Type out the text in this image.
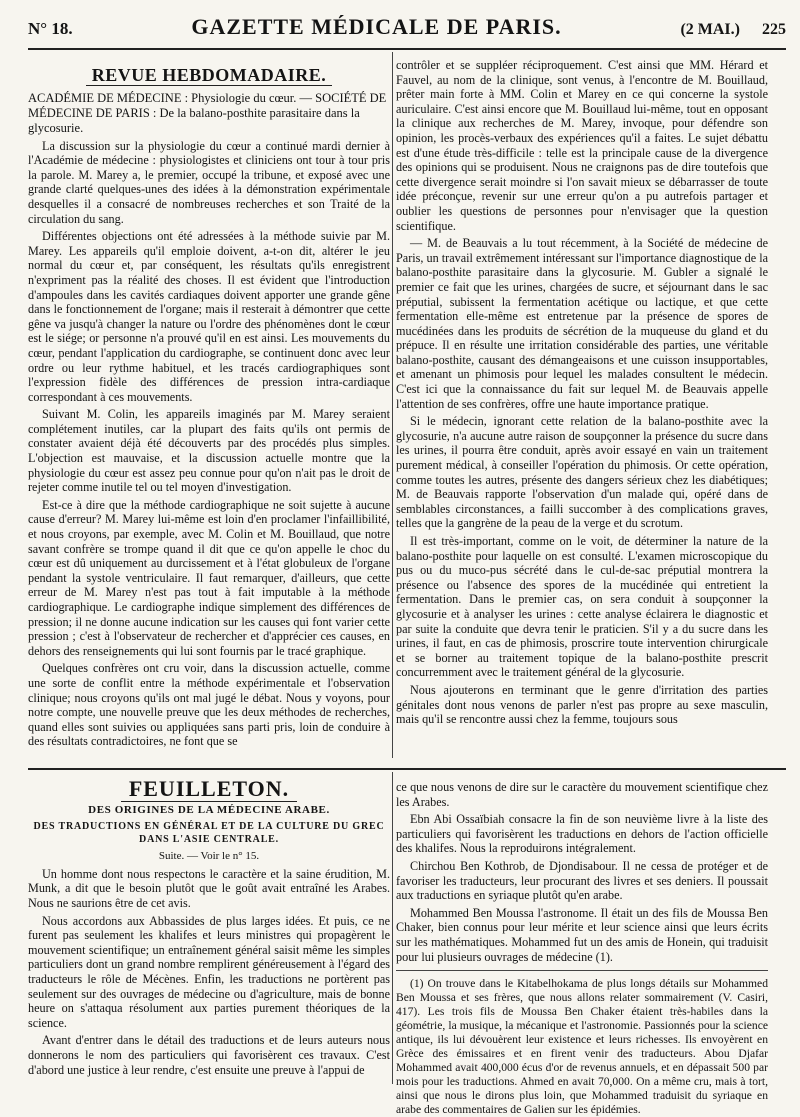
N° 18.	GAZETTE MÉDICALE DE PARIS.	(2 MAI.) 225
REVUE HEBDOMADAIRE.

ACADÉMIE DE MÉDECINE : Physiologie du cœur. — SOCIÉTÉ DE MÉDECINE DE PARIS : De la balano-posthite parasitaire dans la glycosurie.

La discussion sur la physiologie du cœur a continué mardi dernier à l'Académie de médecine : physiologistes et cliniciens ont tour à tour pris la parole. M. Marey a, le premier, occupé la tribune, et exposé avec une grande clarté quelques-unes des idées à la démonstration expérimentale desquelles il a consacré de nombreuses recherches et son Traité de la circulation du sang.

Différentes objections ont été adressées à la méthode suivie par M. Marey. Les appareils qu'il emploie doivent, a-t-on dit, altérer le jeu normal du cœur et, par conséquent, les résultats qu'ils enregistrent n'expriment pas la réalité des choses. Il est évident que l'introduction d'ampoules dans les cavités cardiaques doivent apporter une grande gêne dans le fonctionnement de l'organe; mais il resterait à démontrer que cette gêne va jusqu'à changer la nature ou l'ordre des phénomènes dont le cœur est le siége; or personne n'a prouvé qu'il en est ainsi. Les mouvements du cœur, pendant l'application du cardiographe, se continuent donc avec leur ordre ou leur rythme habituel, et les tracés cardiographiques sont l'expression fidèle des différences de pression intra-cardiaque correspondant à ces mouvements.

Suivant M. Colin, les appareils imaginés par M. Marey seraient complétement inutiles, car la plupart des faits qu'ils ont permis de constater avaient déjà été découverts par des procédés plus simples. L'objection est mauvaise, et la discussion actuelle montre que la physiologie du cœur est assez peu connue pour qu'on n'ait pas le droit de rejeter comme inutile tel ou tel moyen d'investigation.

Est-ce à dire que la méthode cardiographique ne soit sujette à aucune cause d'erreur? M. Marey lui-même est loin d'en proclamer l'infaillibilité, et nous croyons, par exemple, avec M. Colin et M. Bouillaud, que notre savant confrère se trompe quand il dit que ce qu'on appelle le choc du cœur est dû uniquement au durcissement et à l'état globuleux de l'organe pendant la systole ventriculaire. Il faut remarquer, d'ailleurs, que cette erreur de M. Marey n'est pas tout à fait imputable à la méthode cardiographique. Le cardiographe indique simplement des différences de pression; il ne donne aucune indication sur les causes qui font varier cette pression ; c'est à l'observateur de rechercher et d'apprécier ces causes, en dehors des renseignements qui lui sont fournis par le tracé graphique.

Quelques confrères ont cru voir, dans la discussion actuelle, comme une sorte de conflit entre la méthode expérimentale et l'observation clinique; nous croyons qu'ils ont mal jugé le débat. Nous y voyons, pour notre compte, une nouvelle preuve que les deux méthodes de recherches, quand elles sont suivies ou appliquées sans parti pris, loin de conduire à des résultats contradictoires, ne font que se

contrôler et se suppléer réciproquement. C'est ainsi que MM. Hérard et Fauvel, au nom de la clinique, sont venus, à l'encontre de M. Bouillaud, prêter main forte à MM. Colin et Marey en ce qui concerne la systole auriculaire. C'est ainsi encore que M. Bouillaud lui-même, tout en opposant la clinique aux recherches de M. Marey, invoque, pour défendre son opinion, les procès-verbaux des expériences qu'il a faites. Le sujet débattu est d'une étude très-difficile : telle est la principale cause de la divergence des opinions qui se produisent. Nous ne craignons pas de dire toutefois que cette divergence serait moindre si l'on savait mieux se débarrasser de toute idée préconçue, revenir sur une erreur qu'on a pu autrefois partager et oublier les questions de personnes pour n'envisager que la question scientifique.

— M. de Beauvais a lu tout récemment, à la Société de médecine de Paris, un travail extrêmement intéressant sur l'importance diagnostique de la balano-posthite parasitaire dans la glycosurie. M. Gubler a signalé le premier ce fait que les urines, chargées de sucre, et séjournant dans le sac préputial, subissent la fermentation acétique ou lactique, et que cette fermentation elle-même est entretenue par la présence de spores de mucédinées dans les produits de sécrétion de la muqueuse du gland et du prépuce. Il en résulte une irritation considérable des parties, une véritable balano-posthite, causant des démangeaisons et une cuisson insupportables, et amenant un phimosis pour lequel les malades consultent le médecin. C'est ici que la connaissance du fait sur lequel M. de Beauvais appelle l'attention de ses confrères, offre une haute importance pratique.

Si le médecin, ignorant cette relation de la balano-posthite avec la glycosurie, n'a aucune autre raison de soupçonner la présence du sucre dans les urines, il pourra être conduit, après avoir essayé en vain un traitement purement médical, à conseiller l'opération du phimosis. Or cette opération, comme toutes les autres, présente des dangers sérieux chez les diabétiques; M. de Beauvais rapporte l'observation d'un malade qui, opéré dans de semblables circonstances, a failli succomber à des complications graves, telles que la gangrène de la peau de la verge et du scrotum.

Il est très-important, comme on le voit, de déterminer la nature de la balano-posthite pour laquelle on est consulté. L'examen microscopique du pus ou du muco-pus sécrété dans le cul-de-sac préputial montrera la présence ou l'absence des spores de la mucédinée qui entretient la fermentation. Dans le premier cas, on sera conduit à soupçonner la glycosurie et à analyser les urines : cette analyse éclairera le diagnostic et par suite la conduite que devra tenir le praticien. S'il y a du sucre dans les urines, il faut, en cas de phimosis, proscrire toute intervention chirurgicale et se borner au traitement topique de la balano-posthite prescrit concurremment avec le traitement général de la glycosurie.

Nous ajouterons en terminant que le genre d'irritation des parties génitales dont nous venons de parler n'est pas propre au sexe masculin, mais qu'il se rencontre aussi chez la femme, toujours sous

FEUILLETON.

DES ORIGINES DE LA MÉDECINE ARABE.

DES TRADUCTIONS EN GÉNÉRAL ET DE LA CULTURE DU GREC DANS L'ASIE CENTRALE.

Suite. — Voir le n° 15.

Un homme dont nous respectons le caractère et la saine érudition, M. Munk, a dit que le besoin plutôt que le goût avait entraîné les Arabes. Nous ne saurions être de cet avis.

Nous accordons aux Abbassides de plus larges idées. Et puis, ce ne furent pas seulement les khalifes et leurs ministres qui propagèrent le mouvement scientifique; un entraînement général saisit même les simples particuliers dont un grand nombre remplirent généreusement à l'égard des traducteurs le rôle de Mécènes. Enfin, les traductions ne portèrent pas seulement sur des ouvrages de médecine ou d'agriculture, mais de bonne heure on s'attaqua résolument aux parties purement théoriques de la science.

Avant d'entrer dans le détail des traductions et de leurs auteurs nous donnerons le nom des particuliers qui favorisèrent ces travaux. C'est d'abord une justice à leur rendre, c'est ensuite une preuve à l'appui de

ce que nous venons de dire sur le caractère du mouvement scientifique chez les Arabes.

Ebn Abi Ossaïbiah consacre la fin de son neuvième livre à la liste des particuliers qui favorisèrent les traductions en dehors de l'action officielle des khalifes. Nous la reproduirons intégralement.

Chirchou Ben Kothrob, de Djondisabour. Il ne cessa de protéger et de favoriser les traducteurs, leur procurant des livres et ses deniers. Il poussait aux traductions en syriaque plutôt qu'en arabe.

Mohammed Ben Moussa l'astronome. Il était un des fils de Moussa Ben Chaker, bien connus pour leur mérite et leur science ainsi que leurs écrits sur les mathématiques. Mohammed fut un des amis de Honein, qui traduisit pour lui plusieurs ouvrages de médecine (1).

(1) On trouve dans le Kitabelhokama de plus longs détails sur Mohammed Ben Moussa et ses frères, que nous allons relater sommairement (V. Casiri, 417). Les trois fils de Moussa Ben Chaker étaient très-habiles dans la géométrie, la musique, la mécanique et l'astronomie. Passionnés pour la science antique, ils lui dévouèrent leur existence et leurs richesses. Ils envoyèrent en Grèce des émissaires et en firent venir des traducteurs. Abou Djafar Mohammed avait 400,000 écus d'or de revenus annuels, et en dépassait 500 par mois pour les traductions. Ahmed en avait 70,000. On a même cru, mais à tort, ainsi que nous le dirons plus loin, que Mohammed traduisit du syriaque en arabe des commentaires de Galien sur les épidémies.
